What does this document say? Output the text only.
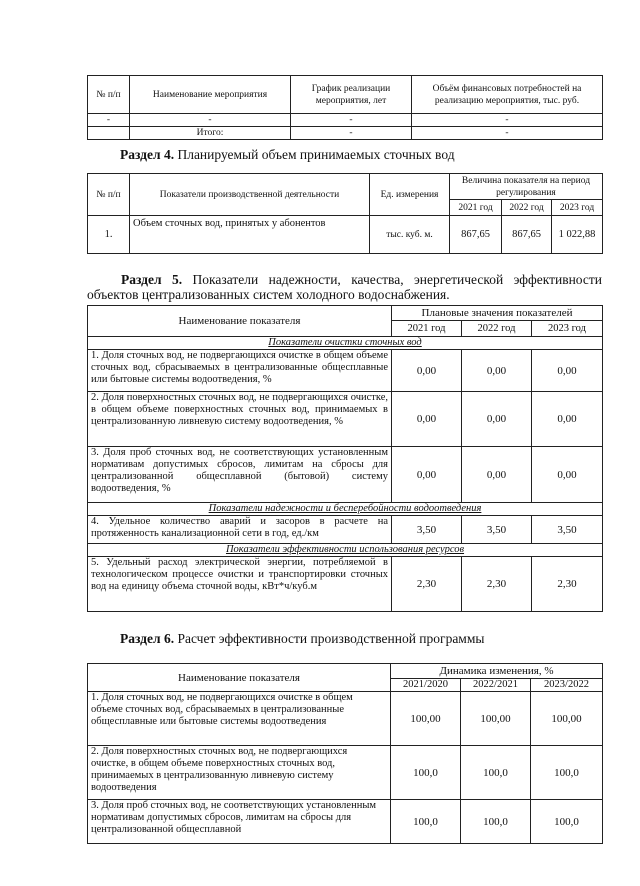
№ п/п	Наименование мероприятия	График реализации мероприятия, лет	Объём финансовых потребностей на реализацию мероприятия, тыс. руб.
-	-	-	-
	Итого:	-	-

Раздел 4. Планируемый объем принимаемых сточных вод

№ п/п	Показатели производственной деятельности	Ед. измерения	Величина показателя на период регулирования		
			2021 год	2022 год	2023 год
1.	Объем сточных вод, принятых у абонентов	тыс. куб. м.	867,65	867,65	1 022,88

Раздел 5. Показатели надежности, качества, энергетической эффективности объектов централизованных систем холодного водоснабжения.

Наименование показателя	Плановые значения показателей		
	2021 год	2022 год	2023 год
Показатели очистки сточных вод			
1. Доля сточных вод, не подвергающихся очистке в общем объеме сточных вод, сбрасываемых в централизованные общесплавные или бытовые системы водоотведения, %	0,00	0,00	0,00
2. Доля поверхностных сточных вод, не подвергающихся очистке, в общем объеме поверхностных сточных вод, принимаемых в централизованную ливневую систему водоотведения, %	0,00	0,00	0,00
3. Доля проб сточных вод, не соответствующих установленным нормативам допустимых сбросов, лимитам на сбросы для централизованной общесплавной (бытовой) систему водоотведения, %	0,00	0,00	0,00
Показатели надежности и бесперебойности водоотведения			
4. Удельное количество аварий и засоров в расчете на протяженность канализационной сети в год, ед./км	3,50	3,50	3,50
Показатели эффективности использования ресурсов			
5. Удельный расход электрической энергии, потребляемой в технологическом процессе очистки и транспортировки сточных вод на единицу объема сточной воды, кВт*ч/куб.м	2,30	2,30	2,30

Раздел 6. Расчет эффективности производственной программы

Наименование показателя	Динамика изменения, %		
	2021/2020	2022/2021	2023/2022
1. Доля сточных вод, не подвергающихся очистке в общем объеме сточных вод, сбрасываемых в централизованные общесплавные или бытовые системы водоотведения	100,00	100,00	100,00
2. Доля поверхностных сточных вод, не подвергающихся очистке, в общем объеме поверхностных сточных вод, принимаемых в централизованную ливневую систему водоотведения	100,0	100,0	100,0
3. Доля проб сточных вод, не соответствующих установленным нормативам допустимых сбросов, лимитам на сбросы для централизованной общесплавной	100,0	100,0	100,0
